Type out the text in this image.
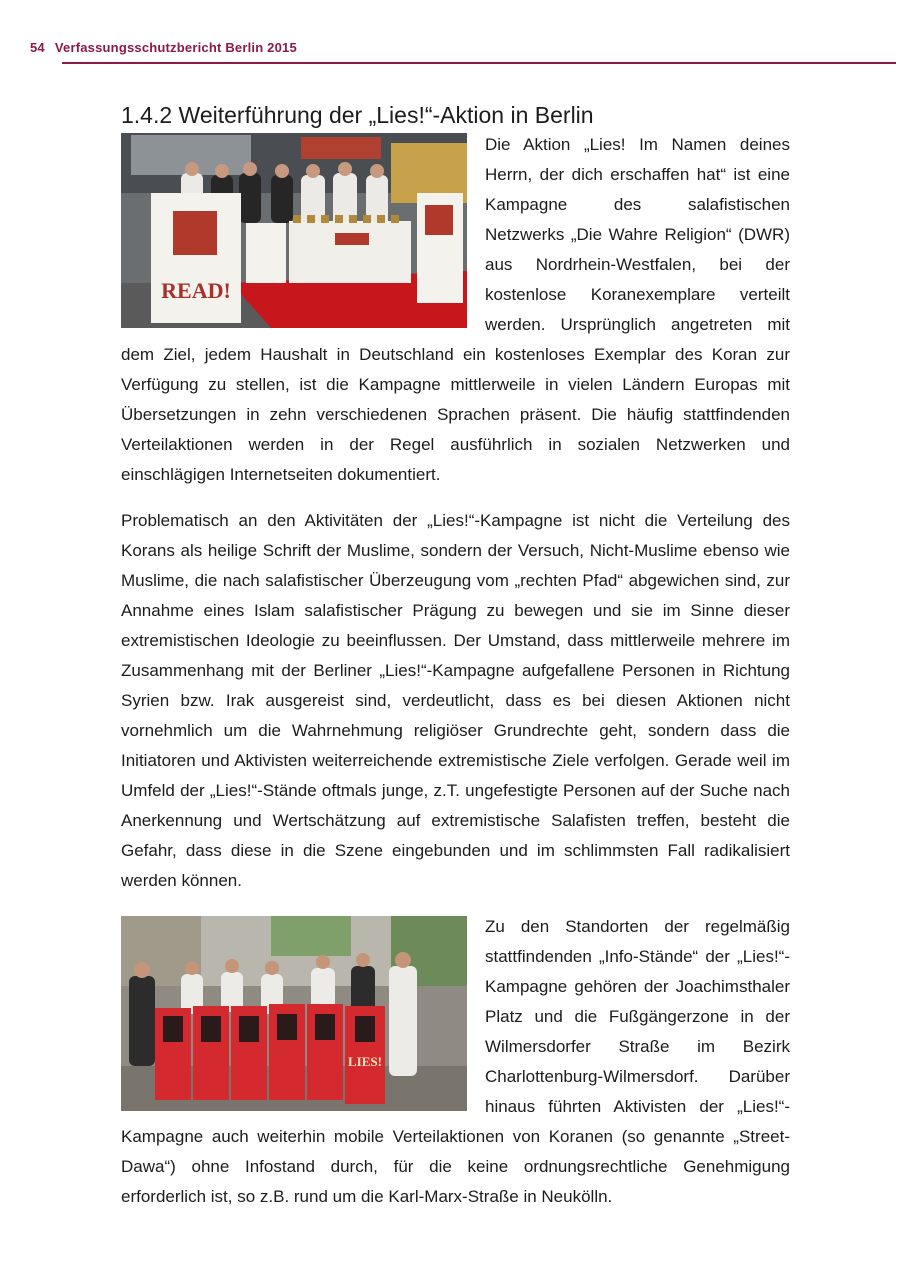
54 Verfassungsschutzbericht Berlin 2015
1.4.2 Weiterführung der „Lies!“-Aktion in Berlin

READ!
Die Aktion „Lies! Im Namen deines Herrn, der dich erschaffen hat“ ist eine Kampagne des salafistischen Netzwerks „Die Wahre Religion“ (DWR) aus Nordrhein-Westfalen, bei der kostenlose Koranexemplare verteilt werden. Ursprünglich angetreten mit dem Ziel, jedem Haushalt in Deutschland ein kostenloses Exemplar des Koran zur Verfügung zu stellen, ist die Kampagne mittlerweile in vielen Ländern Europas mit Übersetzungen in zehn verschiedenen Sprachen präsent. Die häufig stattfindenden Verteilaktionen werden in der Regel ausführlich in sozialen Netzwerken und einschlägigen Internetseiten dokumentiert.

Problematisch an den Aktivitäten der „Lies!“-Kampagne ist nicht die Verteilung des Korans als heilige Schrift der Muslime, sondern der Versuch, Nicht-Muslime ebenso wie Muslime, die nach salafistischer Überzeugung vom „rechten Pfad“ abgewichen sind, zur Annahme eines Islam salafistischer Prägung zu bewegen und sie im Sinne dieser extremistischen Ideologie zu beeinflussen. Der Umstand, dass mittlerweile mehrere im Zusammenhang mit der Berliner „Lies!“-Kampagne aufgefallene Personen in Richtung Syrien bzw. Irak ausgereist sind, verdeutlicht, dass es bei diesen Aktionen nicht vornehmlich um die Wahrnehmung religiöser Grundrechte geht, sondern dass die Initiatoren und Aktivisten weiterreichende extremistische Ziele verfolgen. Gerade weil im Umfeld der „Lies!“-Stände oftmals junge, z.T. ungefestigte Personen auf der Suche nach Anerkennung und Wertschätzung auf extremistische Salafisten treffen, besteht die Gefahr, dass diese in die Szene eingebunden und im schlimmsten Fall radikalisiert werden können.

LIES!
Zu den Standorten der regelmäßig stattfindenden „Info-Stände“ der „Lies!“-Kampagne gehören der Joachimsthaler Platz und die Fußgängerzone in der Wilmersdorfer Straße im Bezirk Charlottenburg-Wilmersdorf. Darüber hinaus führten Aktivisten der „Lies!“-Kampagne auch weiterhin mobile Verteilaktionen von Koranen (so genannte „Street-Dawa“) ohne Infostand durch, für die keine ordnungsrechtliche Genehmigung erforderlich ist, so z.B. rund um die Karl-Marx-Straße in Neukölln.
